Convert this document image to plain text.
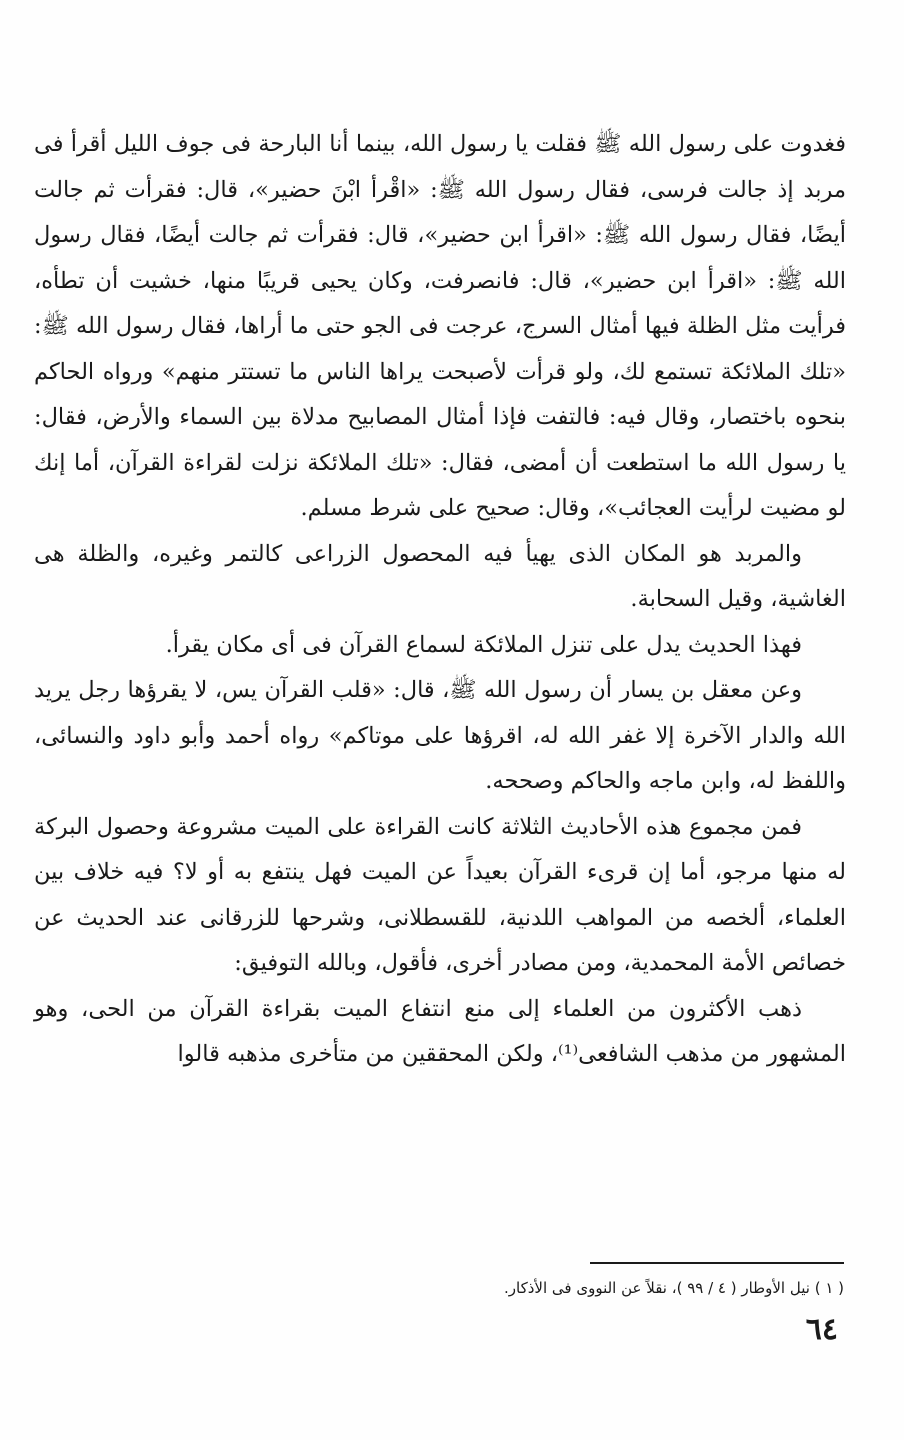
فغدوت على رسول الله ﷺ فقلت يا رسول الله، بينما أنا البارحة فى جوف الليل أقرأ فى مربد إذ جالت فرسى، فقال رسول الله ﷺ: «اقْرأ ابْنَ حضير»، قال: فقرأت ثم جالت أيضًا، فقال رسول الله ﷺ: «اقرأ ابن حضير»، قال: فقرأت ثم جالت أيضًا، فقال رسول الله ﷺ: «اقرأ ابن حضير»، قال: فانصرفت، وكان يحيى قريبًا منها، خشيت أن تطأه، فرأيت مثل الظلة فيها أمثال السرج، عرجت فى الجو حتى ما أراها، فقال رسول الله ﷺ: «تلك الملائكة تستمع لك، ولو قرأت لأصبحت يراها الناس ما تستتر منهم» ورواه الحاكم بنحوه باختصار، وقال فيه: فالتفت فإذا أمثال المصابيح مدلاة بين السماء والأرض، فقال: يا رسول الله ما استطعت أن أمضى، فقال: «تلك الملائكة نزلت لقراءة القرآن، أما إنك لو مضيت لرأيت العجائب»، وقال: صحيح على شرط مسلم.

والمربد هو المكان الذى يهيأ فيه المحصول الزراعى كالتمر وغيره، والظلة هى الغاشية، وقيل السحابة.

فهذا الحديث يدل على تنزل الملائكة لسماع القرآن فى أى مكان يقرأ.

وعن معقل بن يسار أن رسول الله ﷺ، قال: «قلب القرآن يس، لا يقرؤها رجل يريد الله والدار الآخرة إلا غفر الله له، اقرؤها على موتاكم» رواه أحمد وأبو داود والنسائى، واللفظ له، وابن ماجه والحاكم وصححه.

فمن مجموع هذه الأحاديث الثلاثة كانت القراءة على الميت مشروعة وحصول البركة له منها مرجو، أما إن قرىء القرآن بعيداً عن الميت فهل ينتفع به أو لا؟ فيه خلاف بين العلماء، ألخصه من المواهب اللدنية، للقسطلانى، وشرحها للزرقانى عند الحديث عن خصائص الأمة المحمدية، ومن مصادر أخرى، فأقول، وبالله التوفيق:

ذهب الأكثرون من العلماء إلى منع انتفاع الميت بقراءة القرآن من الحى، وهو المشهور من مذهب الشافعى⁽¹⁾، ولكن المحققين من متأخرى مذهبه قالوا

( ١ ) نيل الأوطار ( ٤ / ٩٩ )، نقلاً عن النووى فى الأذكار.
٦٤
